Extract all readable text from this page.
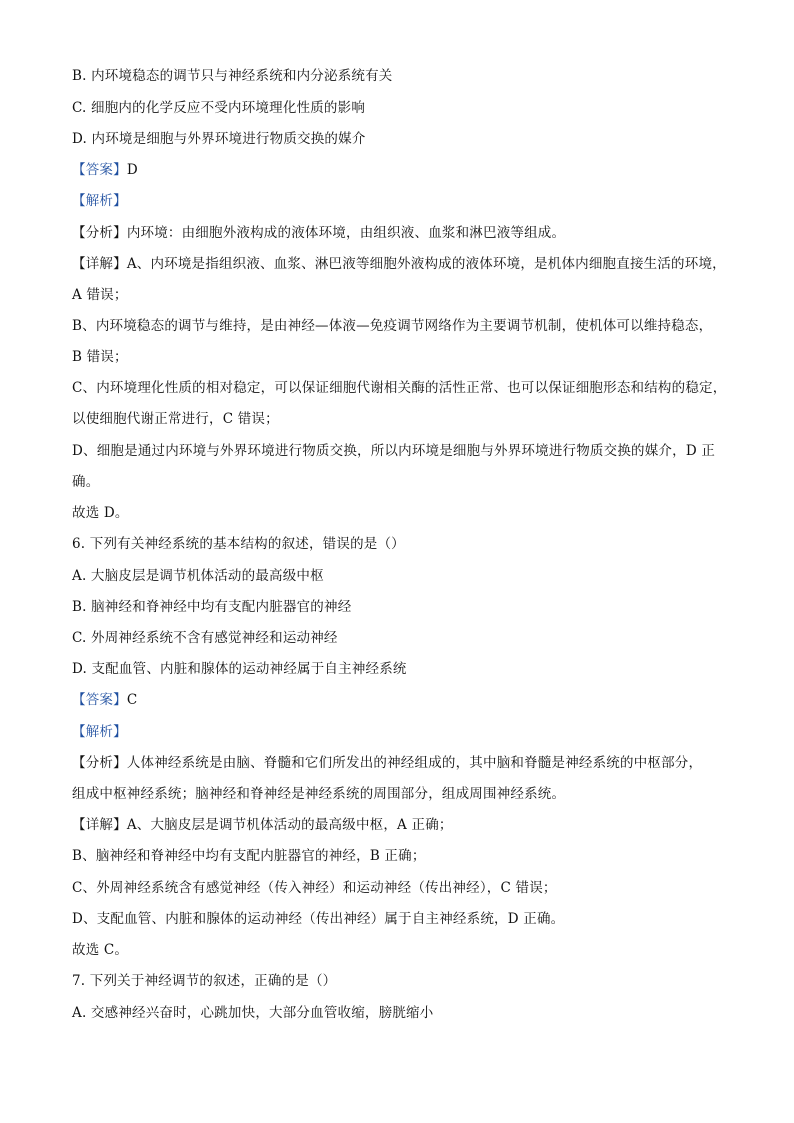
B. 内环境稳态的调节只与神经系统和内分泌系统有关
C. 细胞内的化学反应不受内环境理化性质的影响
D. 内环境是细胞与外界环境进行物质交换的媒介
【答案】D
【解析】
【分析】内环境：由细胞外液构成的液体环境，由组织液、血浆和淋巴液等组成。
【详解】A、内环境是指组织液、血浆、淋巴液等细胞外液构成的液体环境，是机体内细胞直接生活的环境，
A 错误；
B、内环境稳态的调节与维持，是由神经—体液—免疫调节网络作为主要调节机制，使机体可以维持稳态，
B 错误；
C、内环境理化性质的相对稳定，可以保证细胞代谢相关酶的活性正常、也可以保证细胞形态和结构的稳定，
以使细胞代谢正常进行，C 错误；
D、细胞是通过内环境与外界环境进行物质交换，所以内环境是细胞与外界环境进行物质交换的媒介，D 正
确。
故选 D。
6. 下列有关神经系统的基本结构的叙述，错误的是（）
A. 大脑皮层是调节机体活动的最高级中枢
B. 脑神经和脊神经中均有支配内脏器官的神经
C. 外周神经系统不含有感觉神经和运动神经
D. 支配血管、内脏和腺体的运动神经属于自主神经系统
【答案】C
【解析】
【分析】人体神经系统是由脑、脊髓和它们所发出的神经组成的，其中脑和脊髓是神经系统的中枢部分，
组成中枢神经系统；脑神经和脊神经是神经系统的周围部分，组成周围神经系统。
【详解】A、大脑皮层是调节机体活动的最高级中枢，A 正确；
B、脑神经和脊神经中均有支配内脏器官的神经，B 正确；
C、外周神经系统含有感觉神经（传入神经）和运动神经（传出神经），C 错误；
D、支配血管、内脏和腺体的运动神经（传出神经）属于自主神经系统，D 正确。
故选 C。
7. 下列关于神经调节的叙述，正确的是（）
A. 交感神经兴奋时，心跳加快，大部分血管收缩，膀胱缩小
